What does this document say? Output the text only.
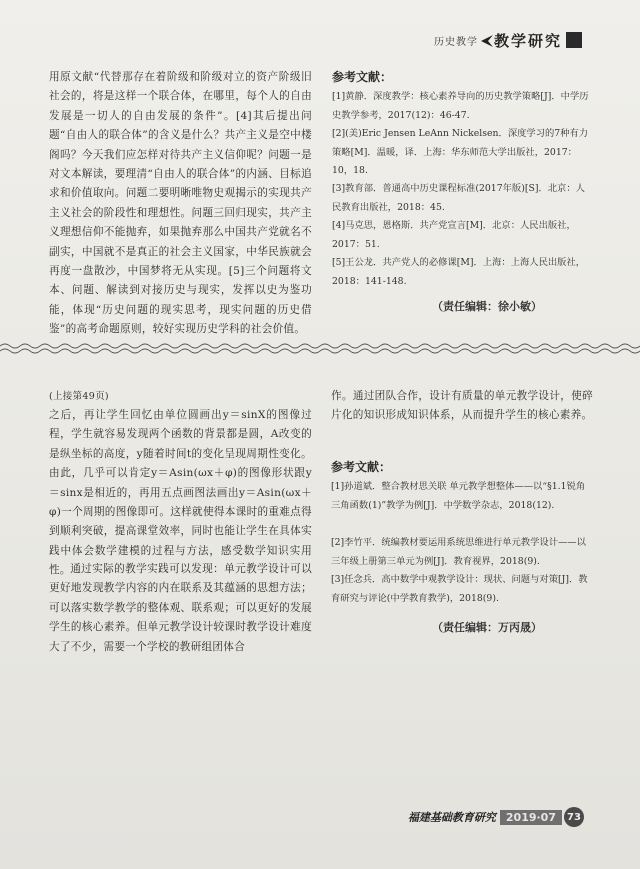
历史教学 教学研究

用原文献“代替那存在着阶级和阶级对立的资产阶级旧社会的，将是这样一个联合体，在哪里，每个人的自由发展是一切人的自由发展的条件”。[4]其后提出问题“自由人的联合体”的含义是什么？共产主义是空中楼阁吗？今天我们应怎样对待共产主义信仰呢？问题一是对文本解读，要理清“自由人的联合体”的内涵、目标追求和价值取向。问题二要明晰唯物史观揭示的实现共产主义社会的阶段性和理想性。问题三回归现实，共产主义理想信仰不能抛弃，如果抛弃那么中国共产党就名不副实，中国就不是真正的社会主义国家，中华民族就会再度一盘散沙，中国梦将无从实现。[5]三个问题将文本、问题、解读到对接历史与现实，发挥以史为鉴功能，体现“历史问题的现实思考，现实问题的历史借鉴”的高考命题原则，较好实现历史学科的社会价值。

参考文献：

[1]黄静．深度教学：核心素养导向的历史教学策略[J]．中学历史教学参考，2017(12)：46-47.

[2](美)Eric Jensen LeAnn Nickelsen．深度学习的7种有力策略[M]．温暖，译．上海：华东师范大学出版社，2017：10，18.

[3]教育部．普通高中历史课程标准(2017年版)[S]．北京：人民教育出版社，2018：45.

[4]马克思，恩格斯．共产党宣言[M]．北京：人民出版社，2017：51.

[5]王公龙．共产党人的必修课[M]．上海：上海人民出版社，2018：141-148.

（责任编辑：徐小敏）
(上接第49页)

之后，再让学生回忆由单位圆画出y＝sinX的图像过程，学生就容易发现两个函数的背景都是圆，A改变的是纵坐标的高度，y随着时间t的变化呈现周期性变化。由此，几乎可以肯定y＝Asin(ωx＋φ)的图像形状跟y＝sinx是相近的，再用五点画图法画出y＝Asin(ωx＋φ)一个周期的图像即可。这样就使得本课时的重难点得到顺利突破，提高课堂效率，同时也能让学生在具体实践中体会数学建模的过程与方法，感受数学知识实用性。 通过实际的教学实践可以发现：单元教学设计可以更好地发现教学内容的内在联系及其蕴涵的思想方法；可以落实数学教学的整体观、联系观；可以更好的发展学生的核心素养。但单元教学设计较课时教学设计难度大了不少，需要一个学校的教研组团体合

作。通过团队合作，设计有质量的单元教学设计，使碎片化的知识形成知识体系，从而提升学生的核心素养。

参考文献：

[1]孙道斌．整合教材思关联 单元教学想整体——以“§1.1锐角三角函数(1)”教学为例[J]．中学数学杂志，2018(12).

[2]李竹平．统编教材要运用系统思维进行单元教学设计——以三年级上册第三单元为例[J]．教育视界，2018(9).

[3]任念兵．高中数学中观教学设计：现状、问题与对策[J]．教育研究与评论(中学教育教学)，2018(9).

（责任编辑：万丙晟）
福建基础教育研究 2019·07	73
